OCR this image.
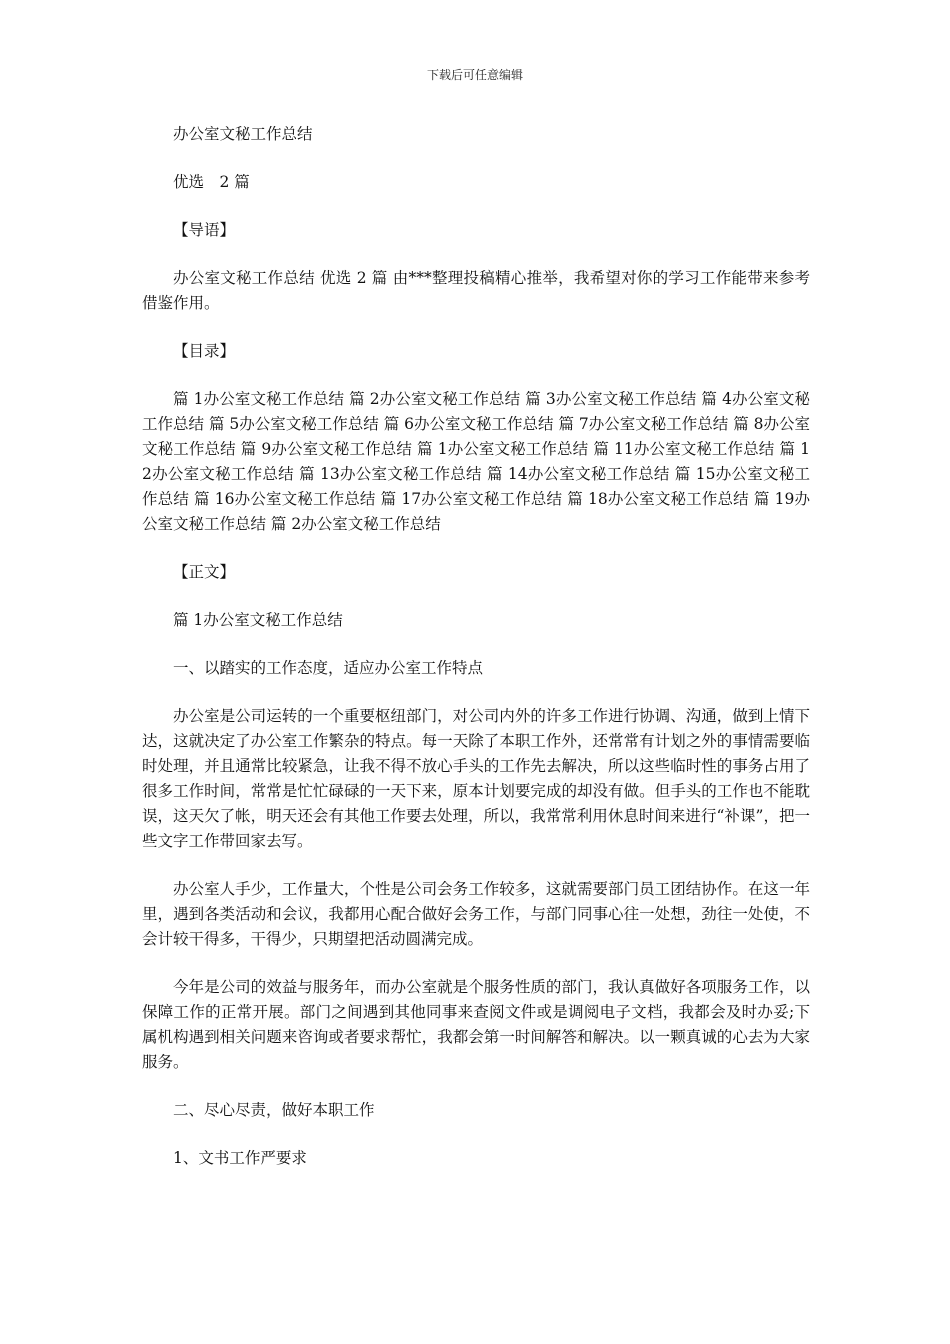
下载后可任意编辑

办公室文秘工作总结

优选　2 篇

【导语】

办公室文秘工作总结 优选 2 篇 由***整理投稿精心推举，我希望对你的学习工作能带来参考借鉴作用。

【目录】

篇 1办公室文秘工作总结 篇 2办公室文秘工作总结 篇 3办公室文秘工作总结 篇 4办公室文秘工作总结 篇 5办公室文秘工作总结 篇 6办公室文秘工作总结 篇 7办公室文秘工作总结 篇 8办公室文秘工作总结 篇 9办公室文秘工作总结 篇 1办公室文秘工作总结 篇 11办公室文秘工作总结 篇 12办公室文秘工作总结 篇 13办公室文秘工作总结 篇 14办公室文秘工作总结 篇 15办公室文秘工作总结 篇 16办公室文秘工作总结 篇 17办公室文秘工作总结 篇 18办公室文秘工作总结 篇 19办公室文秘工作总结 篇 2办公室文秘工作总结

【正文】

篇 1办公室文秘工作总结

一、以踏实的工作态度，适应办公室工作特点

办公室是公司运转的一个重要枢纽部门，对公司内外的许多工作进行协调、沟通，做到上情下达，这就决定了办公室工作繁杂的特点。每一天除了本职工作外，还常常有计划之外的事情需要临时处理，并且通常比较紧急，让我不得不放心手头的工作先去解决，所以这些临时性的事务占用了很多工作时间，常常是忙忙碌碌的一天下来，原本计划要完成的却没有做。但手头的工作也不能耽误，这天欠了帐，明天还会有其他工作要去处理，所以，我常常利用休息时间来进行“补课”，把一些文字工作带回家去写。

办公室人手少，工作量大，个性是公司会务工作较多，这就需要部门员工团结协作。在这一年里，遇到各类活动和会议，我都用心配合做好会务工作，与部门同事心往一处想，劲往一处使，不会计较干得多，干得少，只期望把活动圆满完成。

今年是公司的效益与服务年，而办公室就是个服务性质的部门，我认真做好各项服务工作，以保障工作的正常开展。部门之间遇到其他同事来查阅文件或是调阅电子文档，我都会及时办妥;下属机构遇到相关问题来咨询或者要求帮忙，我都会第一时间解答和解决。以一颗真诚的心去为大家服务。

二、尽心尽责，做好本职工作

1、文书工作严要求
